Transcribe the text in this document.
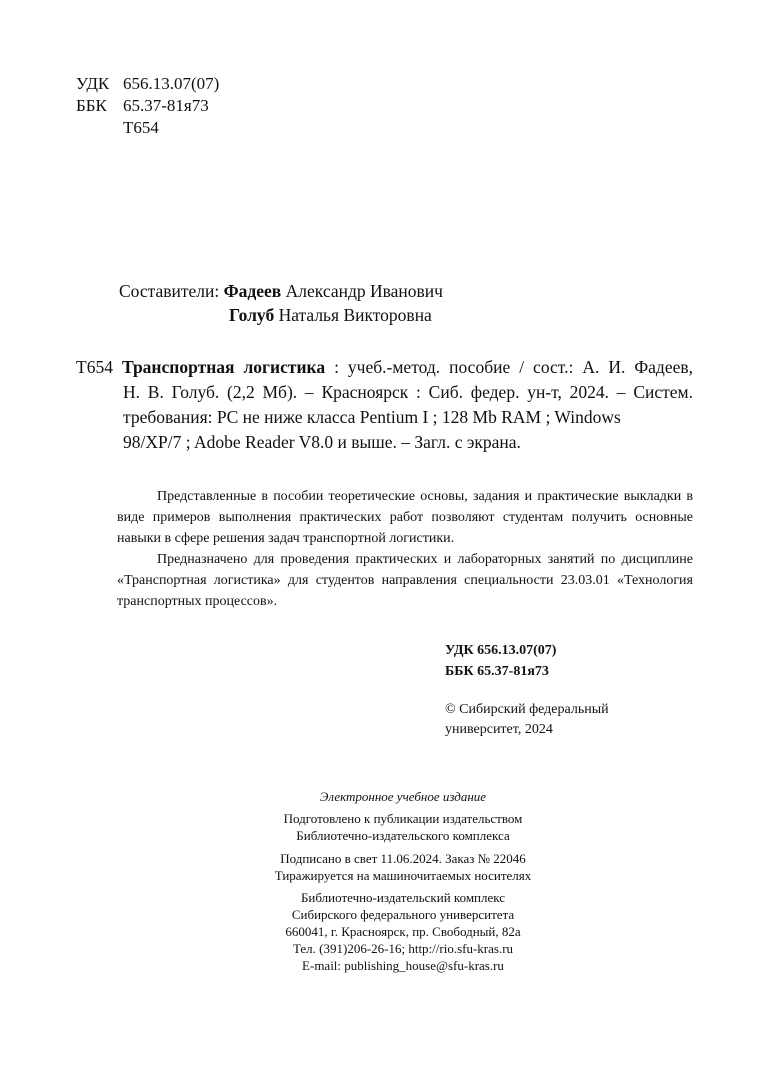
УДК 656.13.07(07)
ББК 65.37-81я73
Т654
Составители: Фадеев Александр Иванович
Голуб Наталья Викторовна

Т654 Транспортная логистика : учеб.-метод. пособие / сост.: А. И. Фадеев,

Н. В. Голуб. (2,2 Мб). – Красноярск : Сиб. федер. ун-т, 2024. – Систем. требования: PC не ниже класса Pentium I ; 128 Mb RAM ; Windows

98/XP/7 ; Adobe Reader V8.0 и выше. – Загл. с экрана.

Представленные в пособии теоретические основы, задания и практические выкладки в виде примеров выполнения практических работ позволяют студентам получить основные навыки в сфере решения задач транспортной логистики.

Предназначено для проведения практических и лабораторных занятий по дисциплине «Транспортная логистика» для студентов направления специальности 23.03.01 «Технология транспортных процессов».

УДК 656.13.07(07)
ББК 65.37-81я73
© Сибирский федеральный
университет, 2024
Электронное учебное издание
Подготовлено к публикации издательством
Библиотечно-издательского комплекса
Подписано в свет 11.06.2024. Заказ № 22046
Тиражируется на машиночитаемых носителях
Библиотечно-издательский комплекс
Сибирского федерального университета
660041, г. Красноярск, пр. Свободный, 82а
Тел. (391)206-26-16; http://rio.sfu-kras.ru
E-mail: publishing_house@sfu-kras.ru
